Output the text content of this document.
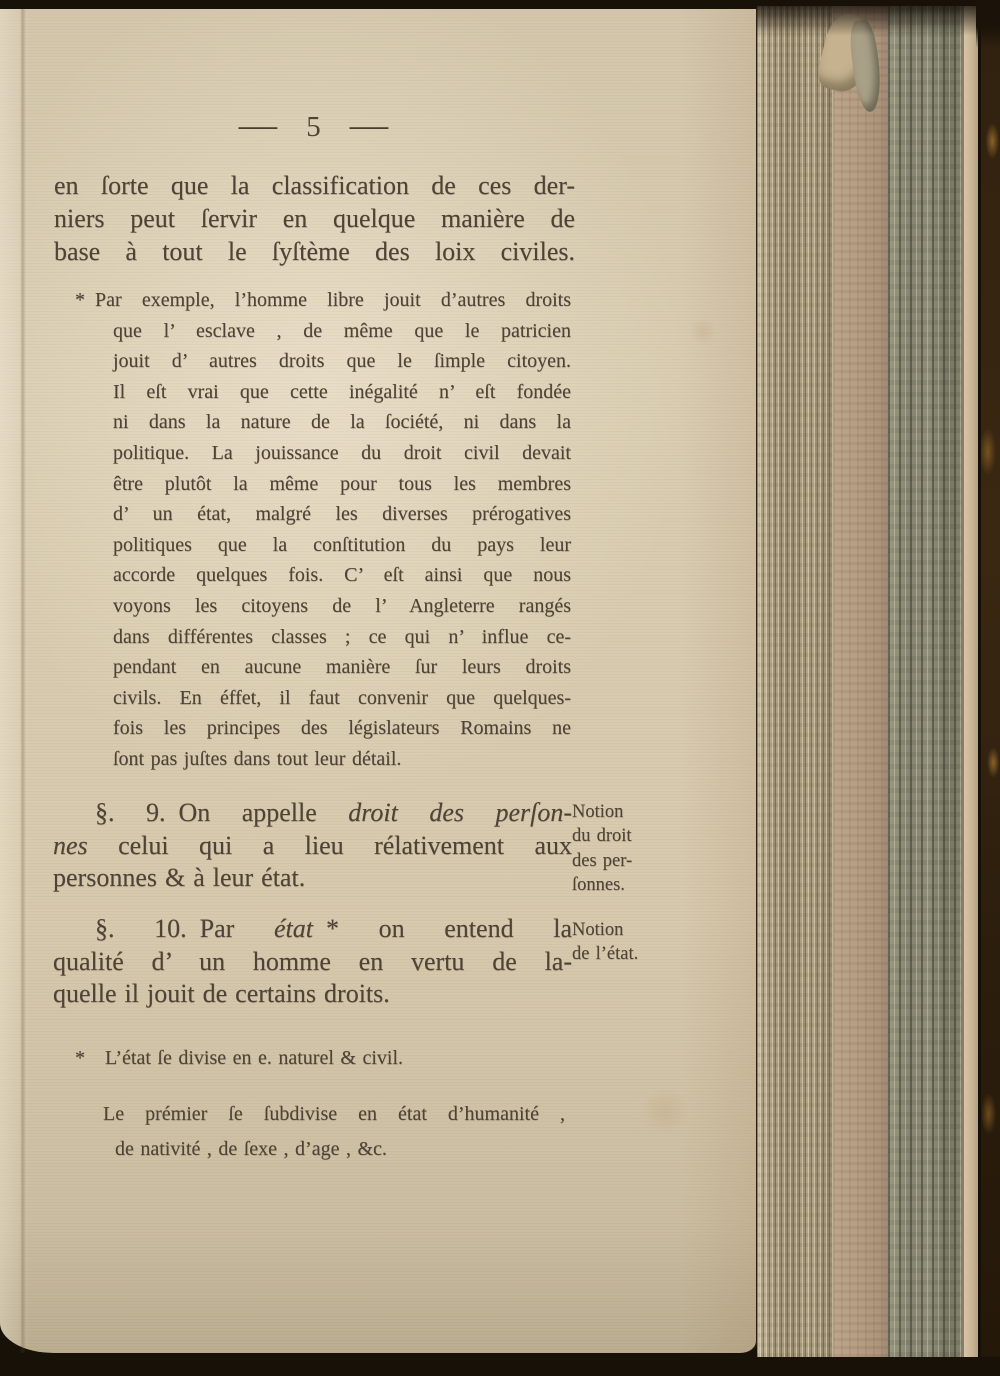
— 5 —
en ſorte que la classification de ces der-
niers peut ſervir en quelque manière de
base à tout le ſyſtème des loix civiles.
* Par exemple, l’homme libre jouit d’autres droits
que l’ esclave , de même que le patricien
jouit d’ autres droits que le ſimple citoyen.
Il eſt vrai que cette inégalité n’ eſt fondée
ni dans la nature de la ſociété, ni dans la
politique. La jouissance du droit civil devait
être plutôt la même pour tous les membres
d’ un état, malgré les diverses prérogatives
politiques que la conſtitution du pays leur
accorde quelques fois. C’ eſt ainsi que nous
voyons les citoyens de l’ Angleterre rangés
dans différentes classes ; ce qui n’ influe ce-
pendant en aucune manière ſur leurs droits
civils. En éffet, il faut convenir que quelques-
fois les principes des législateurs Romains ne
ſont pas juſtes dans tout leur détail.
§. 9. On appelle droit des perſon-
nes celui qui a lieu rélativement aux
personnes & à leur état.
Notion
du droit
des per-
ſonnes.
§. 10. Par état * on entend la
qualité d’ un homme en vertu de la-
quelle il jouit de certains droits.
Notion
de l’état.
*  L’état ſe divise en e. naturel & civil.
Le prémier ſe ſubdivise en état d’humanité ,
de nativité , de ſexe , d’age , &c.
